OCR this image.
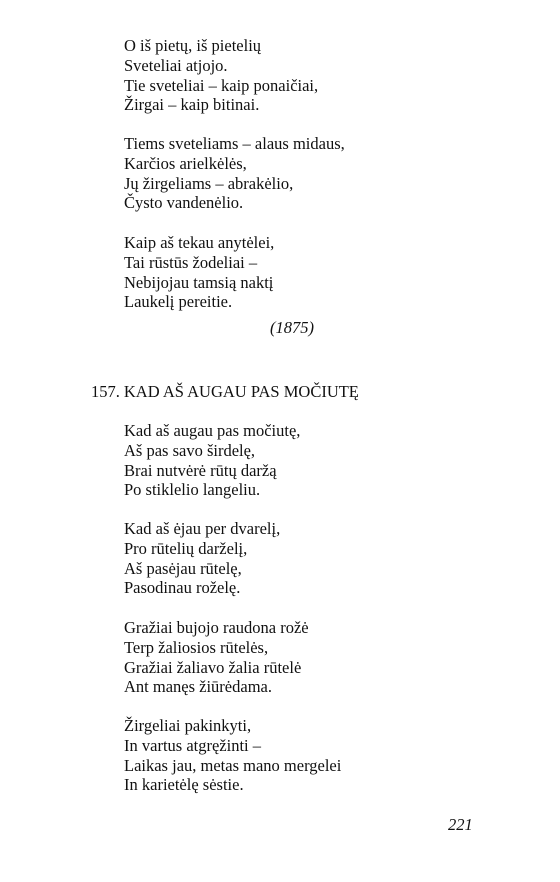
O iš pietų, iš pietelių
Sveteliai atjojo.
Tie sveteliai – kaip ponaičiai,
Žirgai – kaip bitinai.
Tiems sveteliams – alaus midaus,
Karčios arielkėlės,
Jų žirgeliams – abrakėlio,
Čysto vandenėlio.
Kaip aš tekau anytėlei,
Tai rūstūs žodeliai –
Nebijojau tamsią naktį
Laukelį pereitie.
(1875)
157. KAD AŠ AUGAU PAS MOČIUTĘ
Kad aš augau pas močiutę,
Aš pas savo širdelę,
Brai nutvėrė rūtų daržą
Po stiklelio langeliu.
Kad aš ėjau per dvarelį,
Pro rūtelių darželį,
Aš pasėjau rūtelę,
Pasodinau roželę.
Gražiai bujojo raudona rožė
Terp žaliosios rūtelės,
Gražiai žaliavo žalia rūtelė
Ant manęs žiūrėdama.
Žirgeliai pakinkyti,
In vartus atgręžinti –
Laikas jau, metas mano mergelei
In karietėlę sėstie.
221
